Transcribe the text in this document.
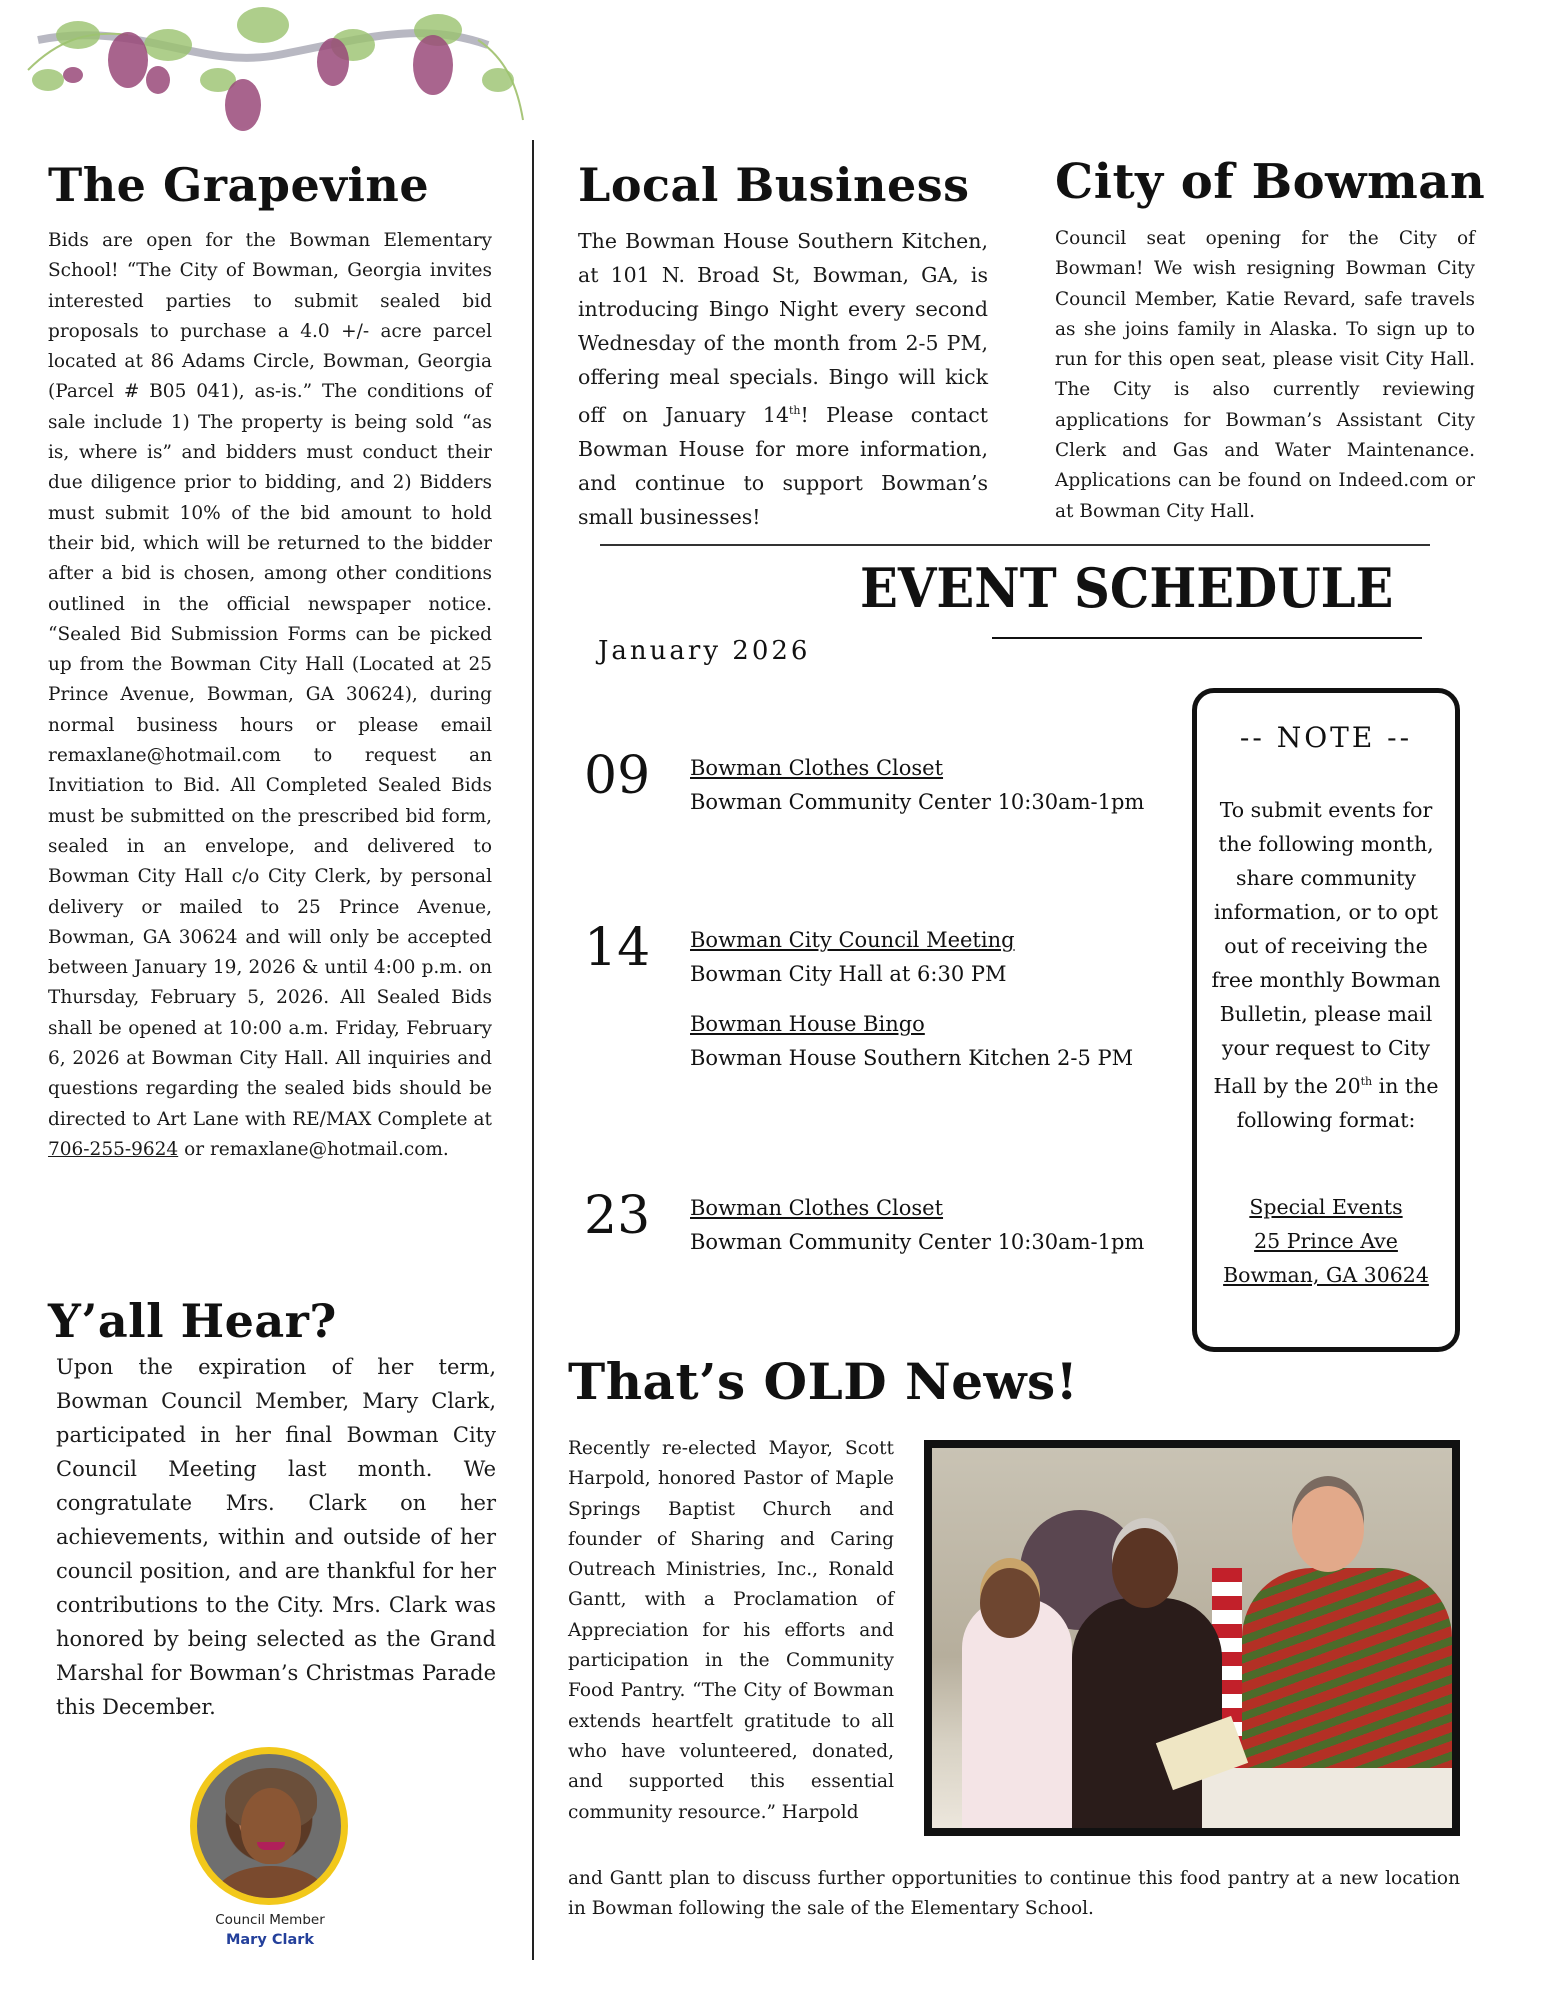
The Grapevine

Bids are open for the Bowman Elementary School! “The City of Bowman, Georgia invites interested parties to submit sealed bid proposals to purchase a 4.0 +/- acre parcel located at 86 Adams Circle, Bowman, Georgia (Parcel # B05 041), as-is.” The conditions of sale include 1) The property is being sold “as is, where is” and bidders must conduct their due diligence prior to bidding, and 2) Bidders must submit 10% of the bid amount to hold their bid, which will be returned to the bidder after a bid is chosen, among other conditions outlined in the official newspaper notice. “Sealed Bid Submission Forms can be picked up from the Bowman City Hall (Located at 25 Prince Avenue, Bowman, GA 30624), during normal business hours or please email remaxlane@hotmail.com to request an Invitiation to Bid. All Completed Sealed Bids must be submitted on the prescribed bid form, sealed in an envelope, and delivered to Bowman City Hall c/o City Clerk, by personal delivery or mailed to 25 Prince Avenue, Bowman, GA 30624 and will only be accepted between January 19, 2026 & until 4:00 p.m. on Thursday, February 5, 2026. All Sealed Bids shall be opened at 10:00 a.m. Friday, February 6, 2026 at Bowman City Hall. All inquiries and questions regarding the sealed bids should be directed to Art Lane with RE/MAX Complete at 706-255-9624 or remaxlane@hotmail.com.

Y’all Hear?

Upon the expiration of her term, Bowman Council Member, Mary Clark, participated in her final Bowman City Council Meeting last month. We congratulate Mrs. Clark on her achievements, within and outside of her council position, and are thankful for her contributions to the City. Mrs. Clark was honored by being selected as the Grand Marshal for Bowman’s Christmas Parade this December.

Council Member
Mary Clark
Local Business

The Bowman House Southern Kitchen, at 101 N. Broad St, Bowman, GA, is introducing Bingo Night every second Wednesday of the month from 2-5 PM, offering meal specials. Bingo will kick off on January 14th! Please contact Bowman House for more information, and continue to support Bowman’s small businesses!

City of Bowman

Council seat opening for the City of Bowman! We wish resigning Bowman City Council Member, Katie Revard, safe travels as she joins family in Alaska. To sign up to run for this open seat, please visit City Hall. The City is also currently reviewing applications for Bowman’s Assistant City Clerk and Gas and Water Maintenance. Applications can be found on Indeed.com or at Bowman City Hall.

EVENT SCHEDULE
January 2026
09 Bowman Clothes Closet
Bowman Community Center 10:30am-1pm
14 Bowman City Council Meeting
Bowman City Hall at 6:30 PM
Bowman House Bingo
Bowman House Southern Kitchen 2-5 PM
23 Bowman Clothes Closet
Bowman Community Center 10:30am-1pm
-- NOTE --

To submit events for the following month, share community information, or to opt out of receiving the free monthly Bowman Bulletin, please mail your request to City Hall by the 20th in the following format:

Special Events
25 Prince Ave
Bowman, GA 30624
That’s OLD News!

Recently re-elected Mayor, Scott Harpold, honored Pastor of Maple Springs Baptist Church and founder of Sharing and Caring Outreach Ministries, Inc., Ronald Gantt, with a Proclamation of Appreciation for his efforts and participation in the Community Food Pantry. “The City of Bowman extends heartfelt gratitude to all who have volunteered, donated, and supported this essential community resource.” Harpold

and Gantt plan to discuss further opportunities to continue this food pantry at a new location in Bowman following the sale of the Elementary School.
